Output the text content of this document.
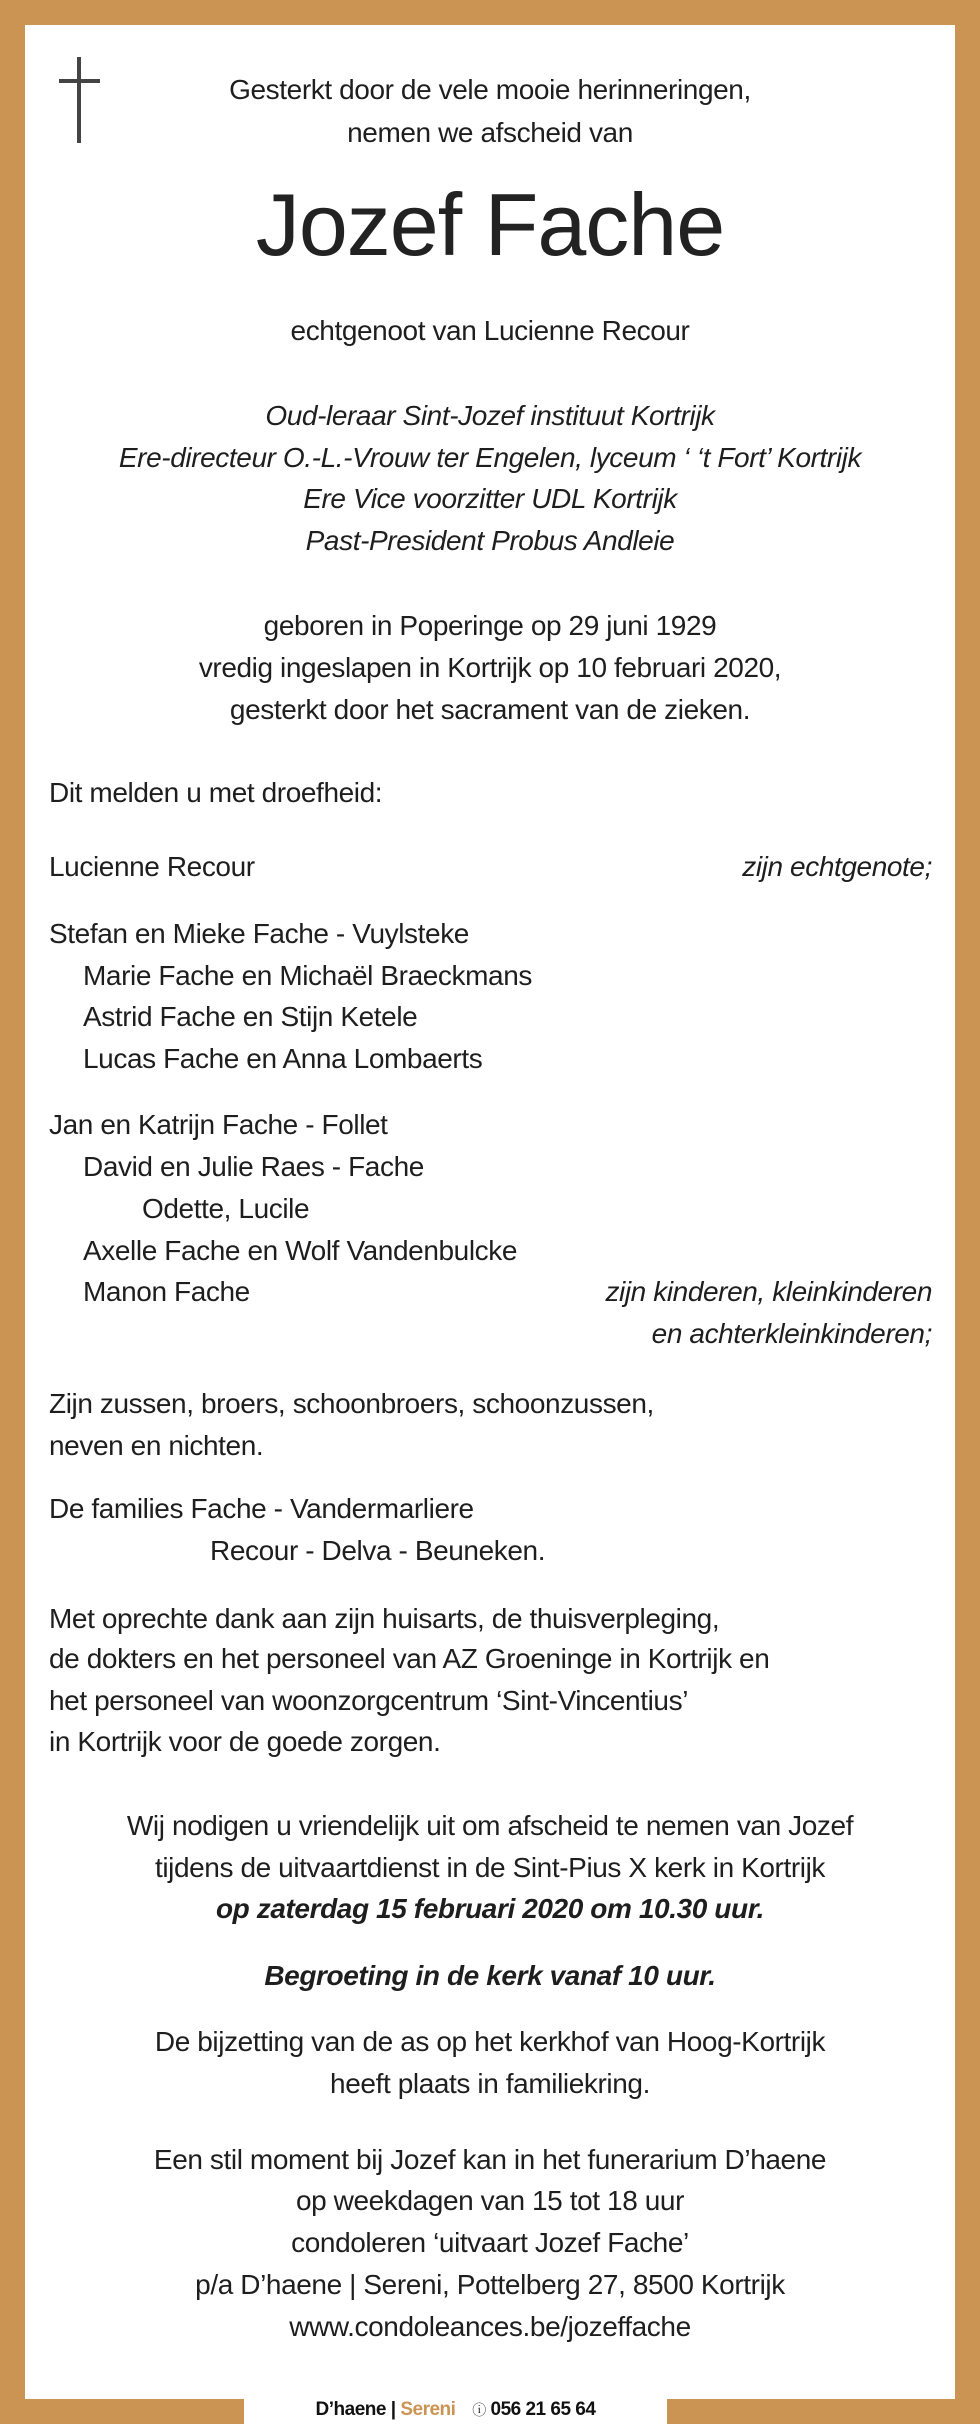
Gesterkt door de vele mooie herinneringen,
nemen we afscheid van
Jozef Fache
echtgenoot van Lucienne Recour
Oud-leraar Sint-Jozef instituut Kortrijk
Ere-directeur O.-L.-Vrouw ter Engelen, lyceum ‘ ‘t Fort’ Kortrijk
Ere Vice voorzitter UDL Kortrijk
Past-President Probus Andleie
geboren in Poperinge op 29 juni 1929
vredig ingeslapen in Kortrijk op 10 februari 2020,
gesterkt door het sacrament van de zieken.
Dit melden u met droefheid:
Lucienne Recour	zijn echtgenote;
Stefan en Mieke Fache - Vuylsteke
Marie Fache en Michaël Braeckmans
Astrid Fache en Stijn Ketele
Lucas Fache en Anna Lombaerts
Jan en Katrijn Fache - Follet
David en Julie Raes - Fache
Odette, Lucile
Axelle Fache en Wolf Vandenbulcke
Manon Fache	zijn kinderen, kleinkinderen
en achterkleinkinderen;
Zijn zussen, broers, schoonbroers, schoonzussen,
neven en nichten.
De families Fache - Vandermarliere
Recour - Delva - Beuneken.
Met oprechte dank aan zijn huisarts, de thuisverpleging,
de dokters en het personeel van AZ Groeninge in Kortrijk en
het personeel van woonzorgcentrum ‘Sint-Vincentius’
in Kortrijk voor de goede zorgen.
Wij nodigen u vriendelijk uit om afscheid te nemen van Jozef
tijdens de uitvaartdienst in de Sint-Pius X kerk in Kortrijk
op zaterdag 15 februari 2020 om 10.30 uur.
Begroeting in de kerk vanaf 10 uur.
De bijzetting van de as op het kerkhof van Hoog-Kortrijk
heeft plaats in familiekring.
Een stil moment bij Jozef kan in het funerarium D’haene
op weekdagen van 15 tot 18 uur
condoleren ‘uitvaart Jozef Fache’
p/a D’haene | Sereni, Pottelberg 27, 8500 Kortrijk
www.condoleances.be/jozeffache
D’haene | Sereni ⓘ 056 21 65 64
